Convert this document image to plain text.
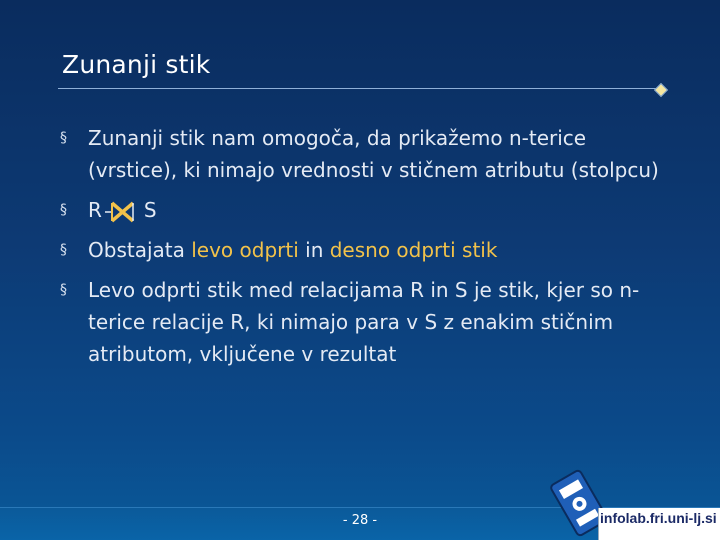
Zunanji stik
§ Zunanji stik nam omogoča, da prikažemo n-terice (vrstice), ki nimajo vrednosti v stičnem atributu (stolpcu)
§ R S
§ Obstajata levo odprti in desno odprti stik
§ Levo odprti stik med relacijama R in S je stik, kjer so n-terice relacije R, ki nimajo para v S z enakim stičnim atributom, vključene v rezultat
- 28 -	infolab.fri.uni-lj.si
